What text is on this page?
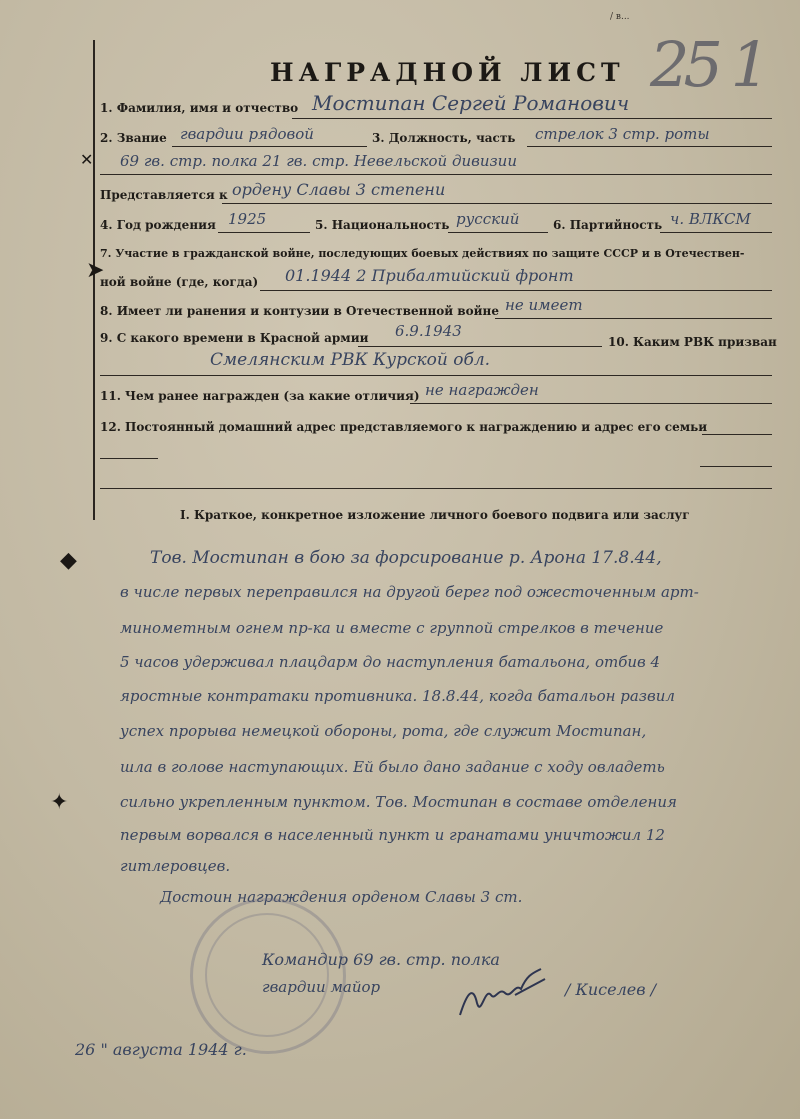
/ в...
25 1
НАГРАДНОЙ ЛИСТ
1. Фамилия, имя и отчество Мостипан Сергей Романович
2. Звание гвардии рядовой	3. Должность, часть стрелок 3 стр. роты
69 гв. стр. полка 21 гв. стр. Невельской дивизии
✕
Представляется к ордену Славы 3 степени
4. Год рождения 1925	5. Национальность русский	6. Партийность ч. ВЛКСМ
7. Участие в гражданской войне, последующих боевых действиях по защите СССР и в Отечествен-
ной войне (где, когда) 01.1944 2 Прибалтийский фронт
➤
8. Имеет ли ранения и контузии в Отечественной войне не имеет
9. С какого времени в Красной армии 6.9.1943
10. Каким РВК призван
Смелянским РВК Курской обл.
11. Чем ранее награжден (за какие отличия) не награжден
12. Постоянный домашний адрес представляемого к награждению и адрес его семьи
I. Краткое, конкретное изложение личного боевого подвига или заслуг
◆	Тов. Мостипан в бою за форсирование р. Арона 17.8.44,
в числе первых переправился на другой берег под ожесточенным арт-
минометным огнем пр-ка и вместе с группой стрелков в течение
5 часов удерживал плацдарм до наступления батальона, отбив 4
яростные контратаки противника. 18.8.44, когда батальон развил
успех прорыва немецкой обороны, рота, где служит Мостипан,
шла в голове наступающих. Ей было дано задание с ходу овладеть
сильно укрепленным пунктом. Тов. Мостипан в составе отделения
первым ворвался в населенный пункт и гранатами уничтожил 12
гитлеровцев.
✦
Достоин награждения орденом Славы 3 ст.
Командир 69 гв. стр. полка
гвардии майор	/ Киселев /
26 " августа 1944 г.
